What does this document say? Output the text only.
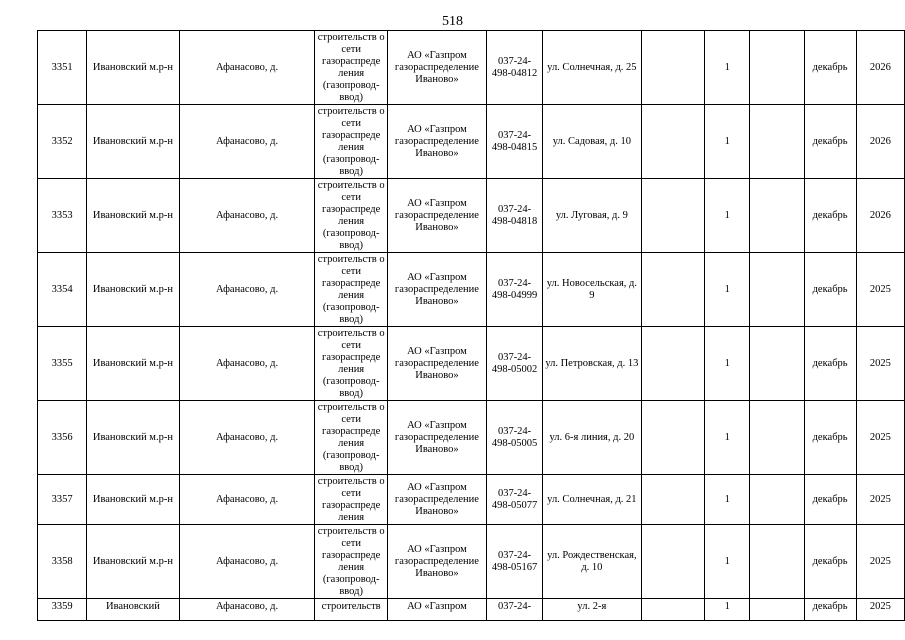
518
3351	Ивановский м.р-н	Афанасово, д.	строительств о сети газораспреде ления (газопровод-ввод)	АО «Газпром газораспределение Иваново»	037-24-498-04812	ул. Солнечная, д. 25		1		декабрь	2026
3352	Ивановский м.р-н	Афанасово, д.	строительств о сети газораспреде ления (газопровод-ввод)	АО «Газпром газораспределение Иваново»	037-24-498-04815	ул. Садовая, д. 10		1		декабрь	2026
3353	Ивановский м.р-н	Афанасово, д.	строительств о сети газораспреде ления (газопровод-ввод)	АО «Газпром газораспределение Иваново»	037-24-498-04818	ул. Луговая, д. 9		1		декабрь	2026
3354	Ивановский м.р-н	Афанасово, д.	строительств о сети газораспреде ления (газопровод-ввод)	АО «Газпром газораспределение Иваново»	037-24-498-04999	ул. Новосельская, д. 9		1		декабрь	2025
3355	Ивановский м.р-н	Афанасово, д.	строительств о сети газораспреде ления (газопровод-ввод)	АО «Газпром газораспределение Иваново»	037-24-498-05002	ул. Петровская, д. 13		1		декабрь	2025
3356	Ивановский м.р-н	Афанасово, д.	строительств о сети газораспреде ления (газопровод-ввод)	АО «Газпром газораспределение Иваново»	037-24-498-05005	ул. 6-я линия, д. 20		1		декабрь	2025
3357	Ивановский м.р-н	Афанасово, д.	строительств о сети газораспреде ления	АО «Газпром газораспределение Иваново»	037-24-498-05077	ул. Солнечная, д. 21		1		декабрь	2025
3358	Ивановский м.р-н	Афанасово, д.	строительств о сети газораспреде ления (газопровод-ввод)	АО «Газпром газораспределение Иваново»	037-24-498-05167	ул. Рождественская, д. 10		1		декабрь	2025
3359	Ивановский	Афанасово, д.	строительств	АО «Газпром	037-24-	ул. 2-я		1		декабрь	2025
